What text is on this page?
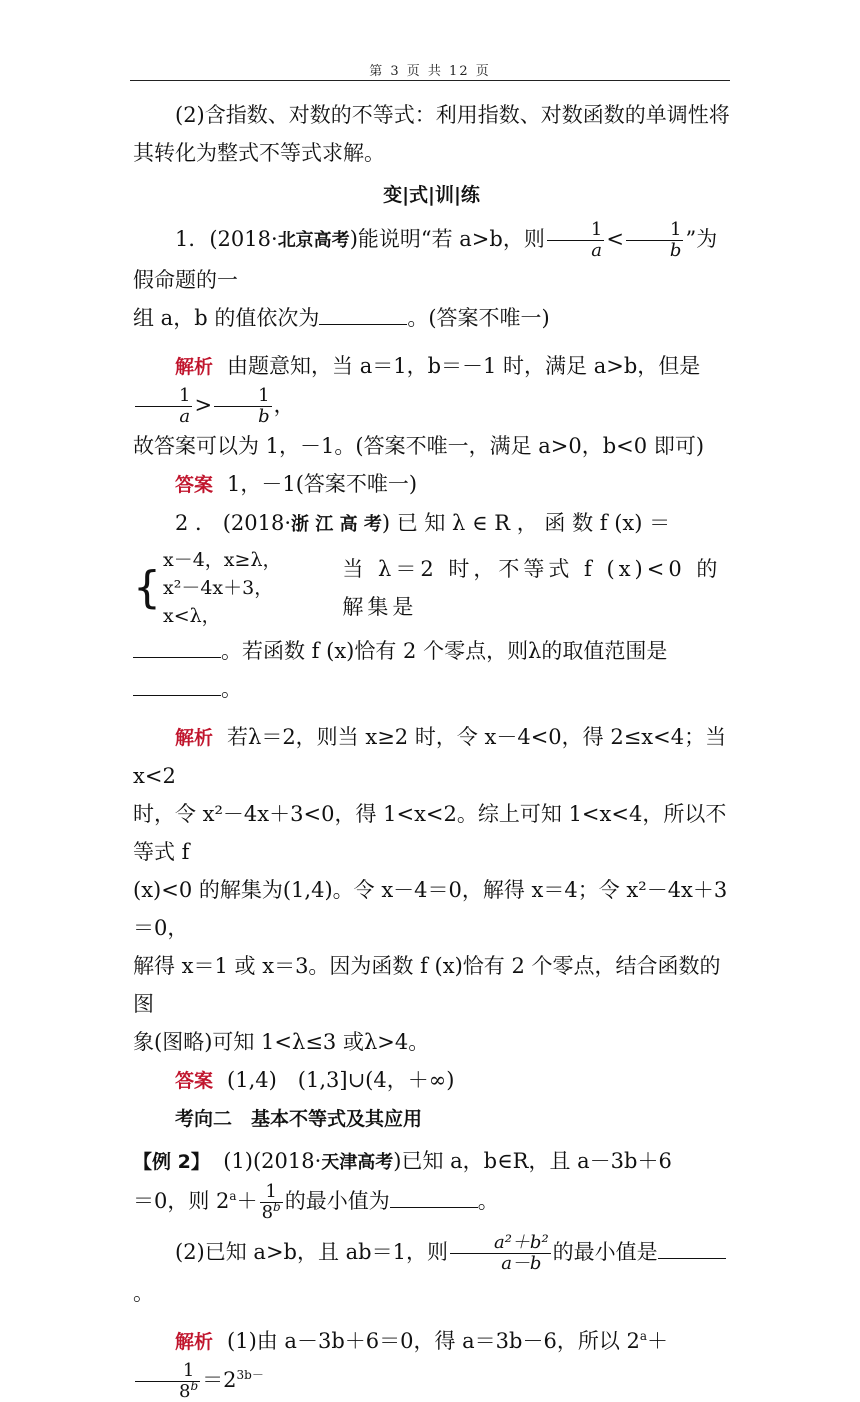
第 3 页 共 12 页

(2)含指数、对数的不等式：利用指数、对数函数的单调性将

其转化为整式不等式求解。

变|式|训|练

1．(2018·北京高考)能说明“若 a>b，则 $\frac{1}{a} < \frac{1}{b}$ ”为假命题的一

组 a，b 的值依次为	。(答案不唯一)

解析 由题意知，当 a＝1，b＝－1 时，满足 a>b，但是
$\frac{1}{a} > \frac{1}{b}$ ，

故答案可以为 1，－1。(答案不唯一，满足 a>0，b<0 即可)

答案 1，－1(答案不唯一)

2 ． (2018·浙 江 高 考) 已 知 λ ∈ R ， 函 数 f (x) ＝

{
x－4，x≥λ，
x²－4x＋3，x<λ，
当 λ＝2 时，不等式 f (x)<0 的解集是

。若函数 f (x)恰有 2 个零点，则λ的取值范围是。

解析 若λ＝2，则当 x≥2 时，令 x－4<0，得 2≤x<4；当 x<2

时，令 x²－4x＋3<0，得 1<x<2。综上可知 1<x<4，所以不等式 f

(x)<0 的解集为(1,4)。令 x－4＝0，解得 x＝4；令 x²－4x＋3＝0，

解得 x＝1 或 x＝3。因为函数 f (x)恰有 2 个零点，结合函数的图

象(图略)可知 1<λ≤3 或λ>4。

答案 (1,4)　(1,3]∪(4，＋∞)

考向二　基本不等式及其应用

【例 2】 (1)(2018·天津高考)已知 a，b∈R，且 a－3b＋6

＝0，则 $2^a+ \frac{1}{8^b}$ 的最小值为	。

(2)已知 a>b，且 ab＝1，则 $\frac{\text{a²＋b²}}{a-b}$ 的最小值是。

解析 (1)由 a－3b＋6＝0，得 a＝3b－6，所以 $2^a+$
$\frac{1}{8^b} =2^{3b-}$
